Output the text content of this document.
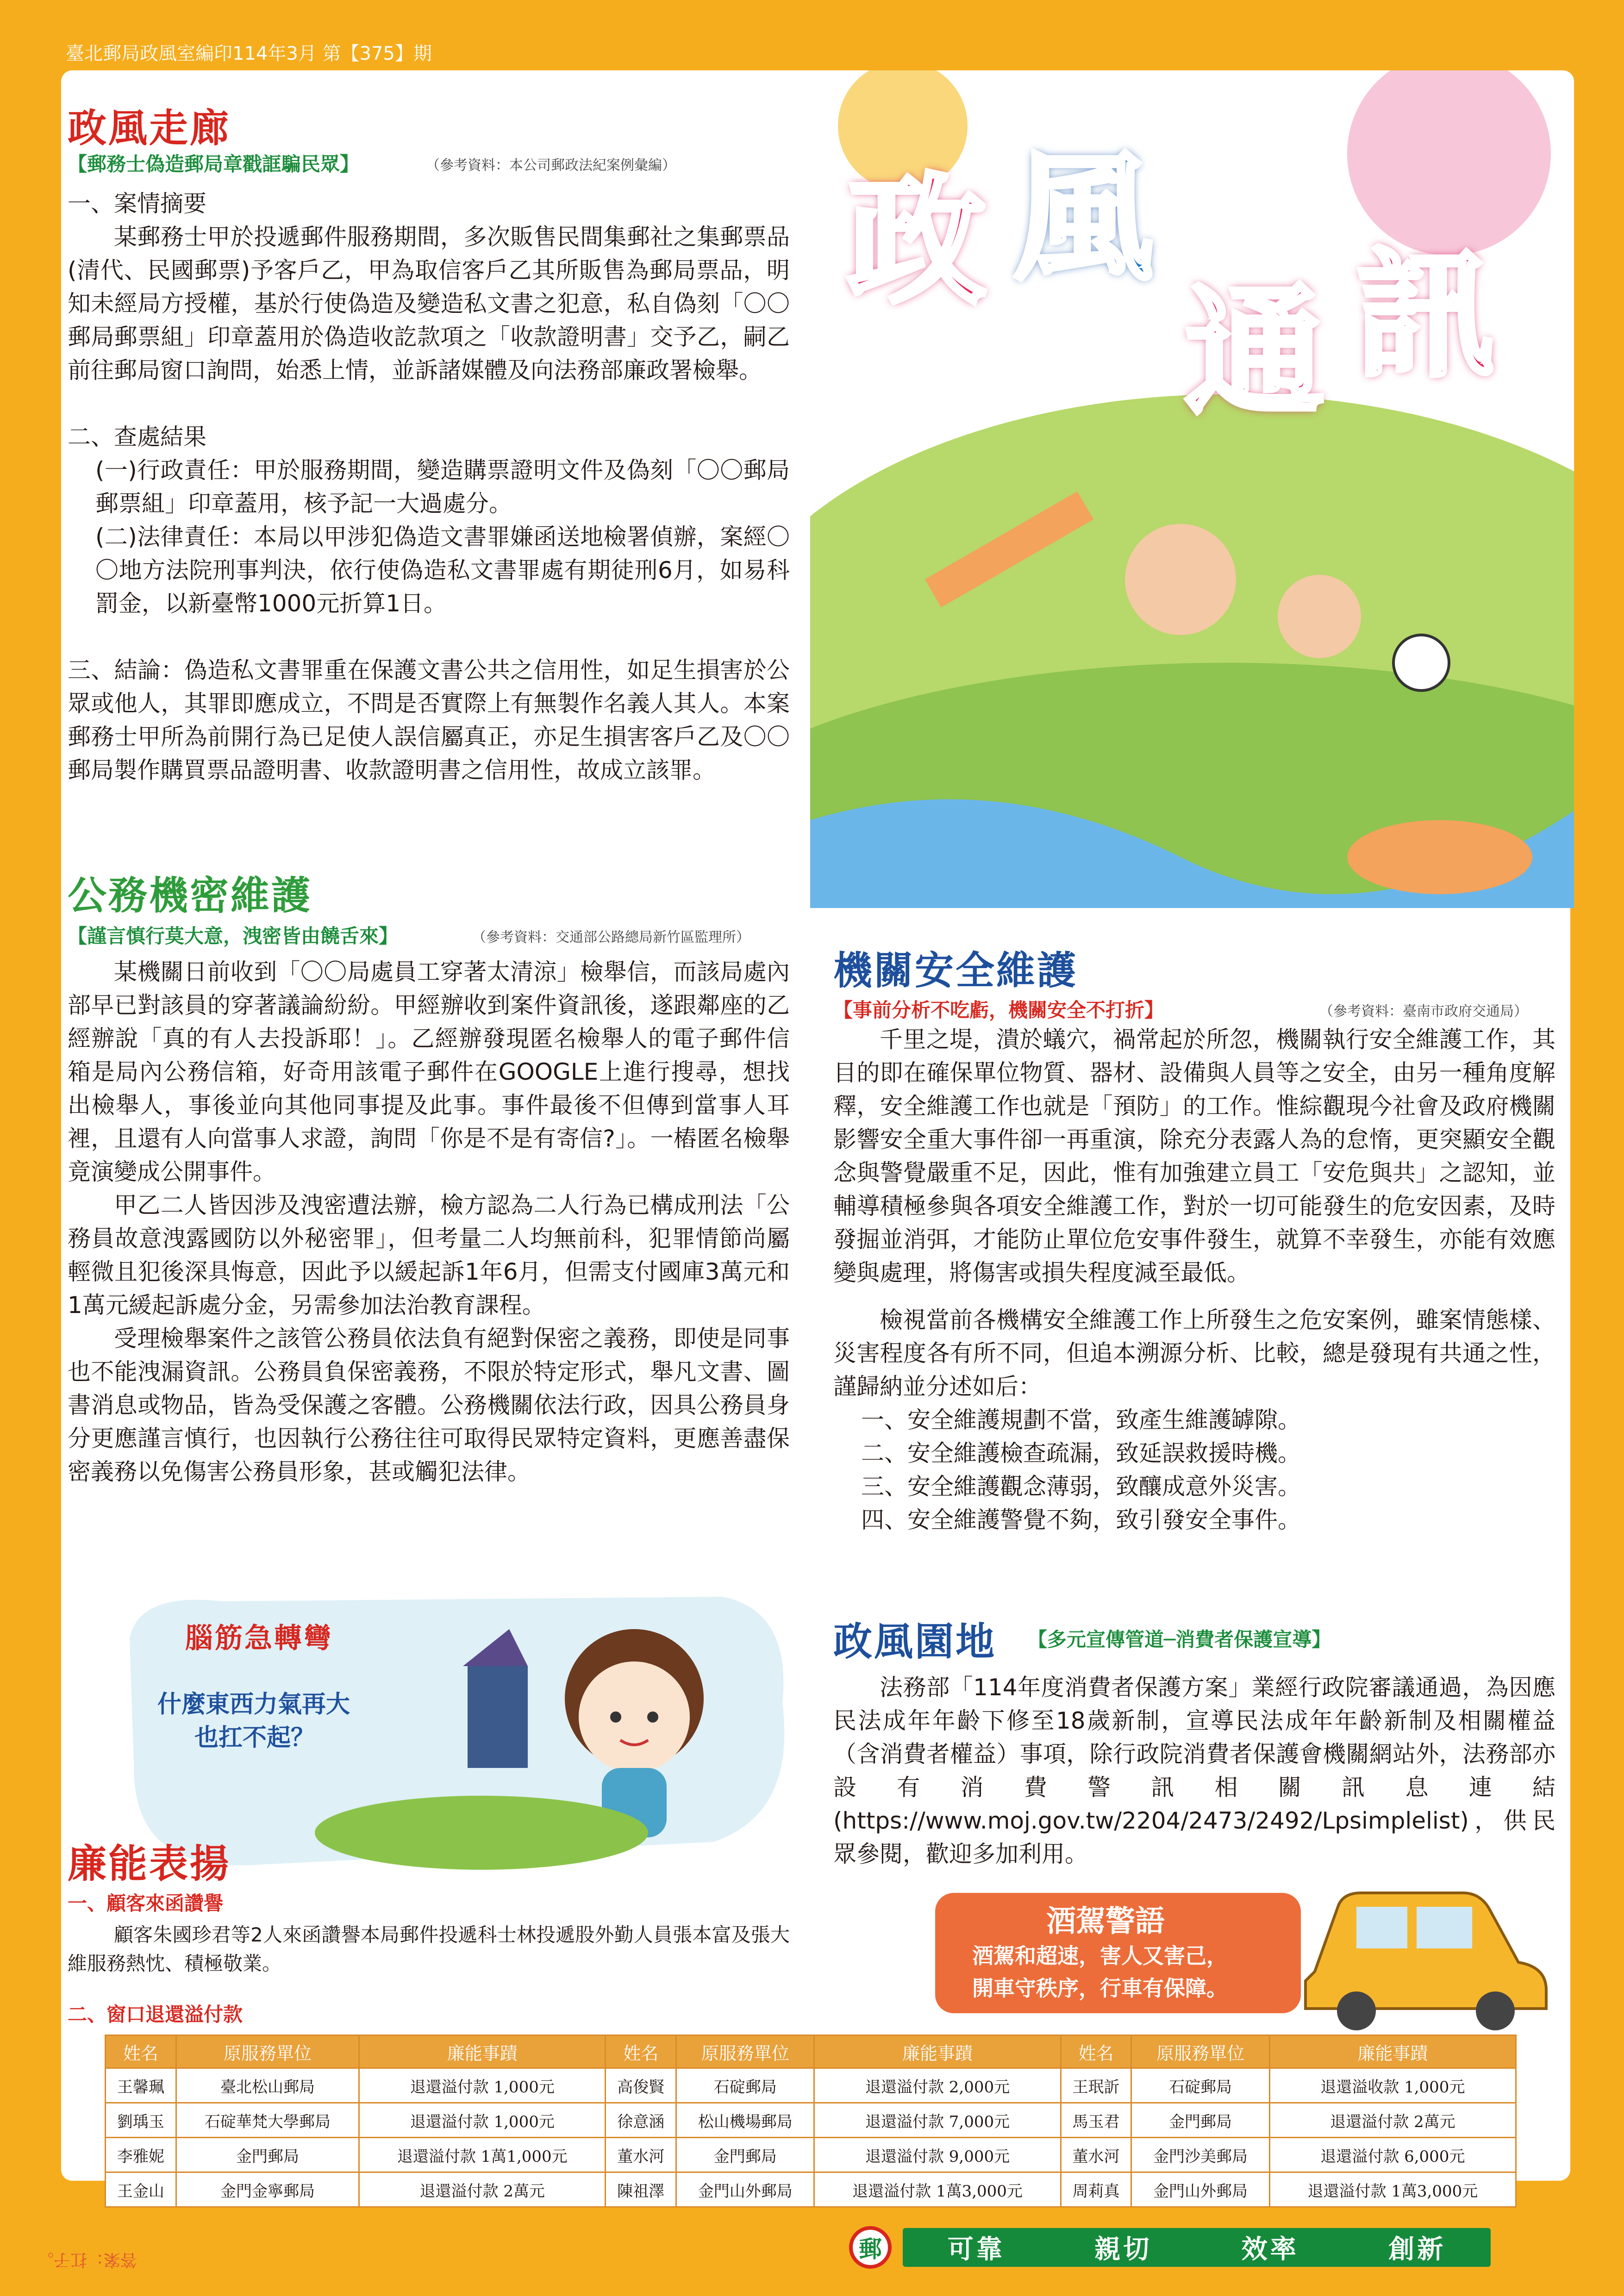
臺北郵局政風室編印114年3月 第【375】期
政風走廊
【郵務士偽造郵局章戳誆騙民眾】	（參考資料：本公司郵政法紀案例彙編）

一、案情摘要

某郵務士甲於投遞郵件服務期間，多次販售民間集郵社之集郵票品(清代、民國郵票)予客戶乙，甲為取信客戶乙其所販售為郵局票品，明知未經局方授權，基於行使偽造及變造私文書之犯意，私自偽刻「〇〇郵局郵票組」印章蓋用於偽造收訖款項之「收款證明書」交予乙，嗣乙前往郵局窗口詢問，始悉上情，並訴諸媒體及向法務部廉政署檢舉。

二、查處結果

(一)行政責任：甲於服務期間，變造購票證明文件及偽刻「〇〇郵局郵票組」印章蓋用，核予記一大過處分。

(二)法律責任：本局以甲涉犯偽造文書罪嫌函送地檢署偵辦，案經〇〇地方法院刑事判決，依行使偽造私文書罪處有期徒刑6月，如易科罰金，以新臺幣1000元折算1日。

三、結論：偽造私文書罪重在保護文書公共之信用性，如足生損害於公眾或他人，其罪即應成立，不問是否實際上有無製作名義人其人。本案郵務士甲所為前開行為已足使人誤信屬真正，亦足生損害客戶乙及〇〇郵局製作購買票品證明書、收款證明書之信用性，故成立該罪。

公務機密維護
【謹言慎行莫大意，洩密皆由饒舌來】	（參考資料：交通部公路總局新竹區監理所）

某機關日前收到「〇〇局處員工穿著太清涼」檢舉信，而該局處內部早已對該員的穿著議論紛紛。甲經辦收到案件資訊後，遂跟鄰座的乙經辦說「真的有人去投訴耶！」。乙經辦發現匿名檢舉人的電子郵件信箱是局內公務信箱，好奇用該電子郵件在GOOGLE上進行搜尋，想找出檢舉人，事後並向其他同事提及此事。事件最後不但傳到當事人耳裡，且還有人向當事人求證，詢問「你是不是有寄信?」。一樁匿名檢舉竟演變成公開事件。

甲乙二人皆因涉及洩密遭法辦，檢方認為二人行為已構成刑法「公務員故意洩露國防以外秘密罪」，但考量二人均無前科，犯罪情節尚屬輕微且犯後深具悔意，因此予以緩起訴1年6月，但需支付國庫3萬元和1萬元緩起訴處分金，另需參加法治教育課程。

受理檢舉案件之該管公務員依法負有絕對保密之義務，即使是同事也不能洩漏資訊。公務員負保密義務，不限於特定形式，舉凡文書、圖書消息或物品，皆為受保護之客體。公務機關依法行政，因具公務員身分更應謹言慎行，也因執行公務往往可取得民眾特定資料，更應善盡保密義務以免傷害公務員形象，甚或觸犯法律。

腦筋急轉彎
什麼東西力氣再大
也扛不起？
廉能表揚
一、顧客來函讚譽

顧客朱國珍君等2人來函讚譽本局郵件投遞科士林投遞股外勤人員張本富及張大維服務熱忱、積極敬業。

二、窗口退還溢付款
政 風
通 訊
機關安全維護
【事前分析不吃虧，機關安全不打折】	（參考資料：臺南市政府交通局）

千里之堤，潰於蟻穴，禍常起於所忽，機關執行安全維護工作，其目的即在確保單位物質、器材、設備與人員等之安全，由另一種角度解釋，安全維護工作也就是「預防」的工作。惟綜觀現今社會及政府機關影響安全重大事件卻一再重演，除充分表露人為的怠惰，更突顯安全觀念與警覺嚴重不足，因此，惟有加強建立員工「安危與共」之認知，並輔導積極參與各項安全維護工作，對於一切可能發生的危安因素，及時發掘並消弭，才能防止單位危安事件發生，就算不幸發生，亦能有效應變與處理，將傷害或損失程度減至最低。

檢視當前各機構安全維護工作上所發生之危安案例，雖案情態樣、災害程度各有所不同，但追本溯源分析、比較，總是發現有共通之性，謹歸納並分述如后：

一、安全維護規劃不當，致產生維護罅隙。

二、安全維護檢查疏漏，致延誤救援時機。

三、安全維護觀念薄弱，致釀成意外災害。

四、安全維護警覺不夠，致引發安全事件。

政風園地 【多元宣傳管道─消費者保護宣導】

法務部「114年度消費者保護方案」業經行政院審議通過，為因應民法成年年齡下修至18歲新制，宣導民法成年年齡新制及相關權益（含消費者權益）事項，除行政院消費者保護會機關網站外，法務部亦設有消費警訊相關訊息連結(https://www.moj.gov.tw/2204/2473/2492/Lpsimplelist)，供民眾參閱，歡迎多加利用。

酒駕警語
酒駕和超速，害人又害己，
開車守秩序，行車有保障。
姓名	原服務單位	廉能事蹟	姓名	原服務單位	廉能事蹟	姓名	原服務單位	廉能事蹟
王馨珮	臺北松山郵局	退還溢付款 1,000元	高俊賢	石碇郵局	退還溢付款 2,000元	王珉訢	石碇郵局	退還溢收款 1,000元
劉瑀玉	石碇華梵大學郵局	退還溢付款 1,000元	徐意涵	松山機場郵局	退還溢付款 7,000元	馬玉君	金門郵局	退還溢付款 2萬元
李雅妮	金門郵局	退還溢付款 1萬1,000元	董水河	金門郵局	退還溢付款 9,000元	董水河	金門沙美郵局	退還溢付款 6,000元
王金山	金門金寧郵局	退還溢付款 2萬元	陳祖澤	金門山外郵局	退還溢付款 1萬3,000元	周莉真	金門山外郵局	退還溢付款 1萬3,000元
郵	可靠	親切	效率	創新
答案：扛子。
